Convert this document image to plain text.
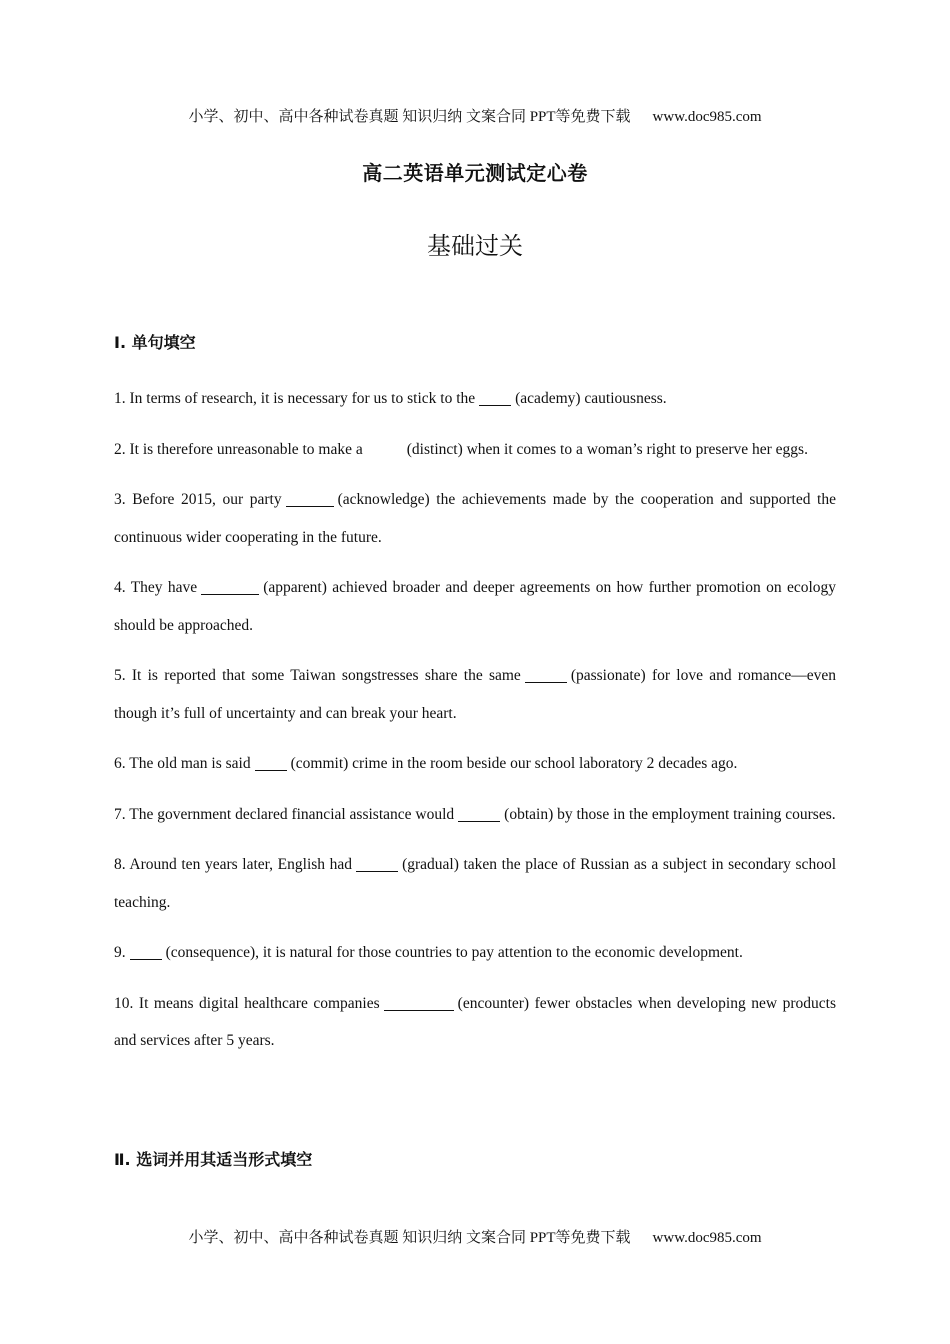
小学、初中、高中各种试卷真题 知识归纳 文案合同 PPT等免费下载 www.doc985.com
高二英语单元测试定心卷
基础过关
Ⅰ. 单句填空

1. In terms of research, it is necessary for us to stick to the	(academy) cautiousness.

2. It is therefore unreasonable to make a	(distinct) when it comes to a woman’s right to preserve her eggs.

3. Before 2015, our party	(acknowledge) the achievements made by the cooperation and supported the continuous wider cooperating in the future.

4. They have	(apparent) achieved broader and deeper agreements on how further promotion on ecology should be approached.

5. It is reported that some Taiwan songstresses share the same	(passionate) for love and romance—even though it’s full of uncertainty and can break your heart.

6. The old man is said	(commit) crime in the room beside our school laboratory 2 decades ago.

7. The government declared financial assistance would	(obtain) by those in the employment training courses.

8. Around ten years later, English had	(gradual) taken the place of Russian as a subject in secondary school teaching.

9.	(consequence), it is natural for those countries to pay attention to the economic development.

10. It means digital healthcare companies	(encounter) fewer obstacles when developing new products and services after 5 years.

Ⅱ. 选词并用其适当形式填空
小学、初中、高中各种试卷真题 知识归纳 文案合同 PPT等免费下载 www.doc985.com
